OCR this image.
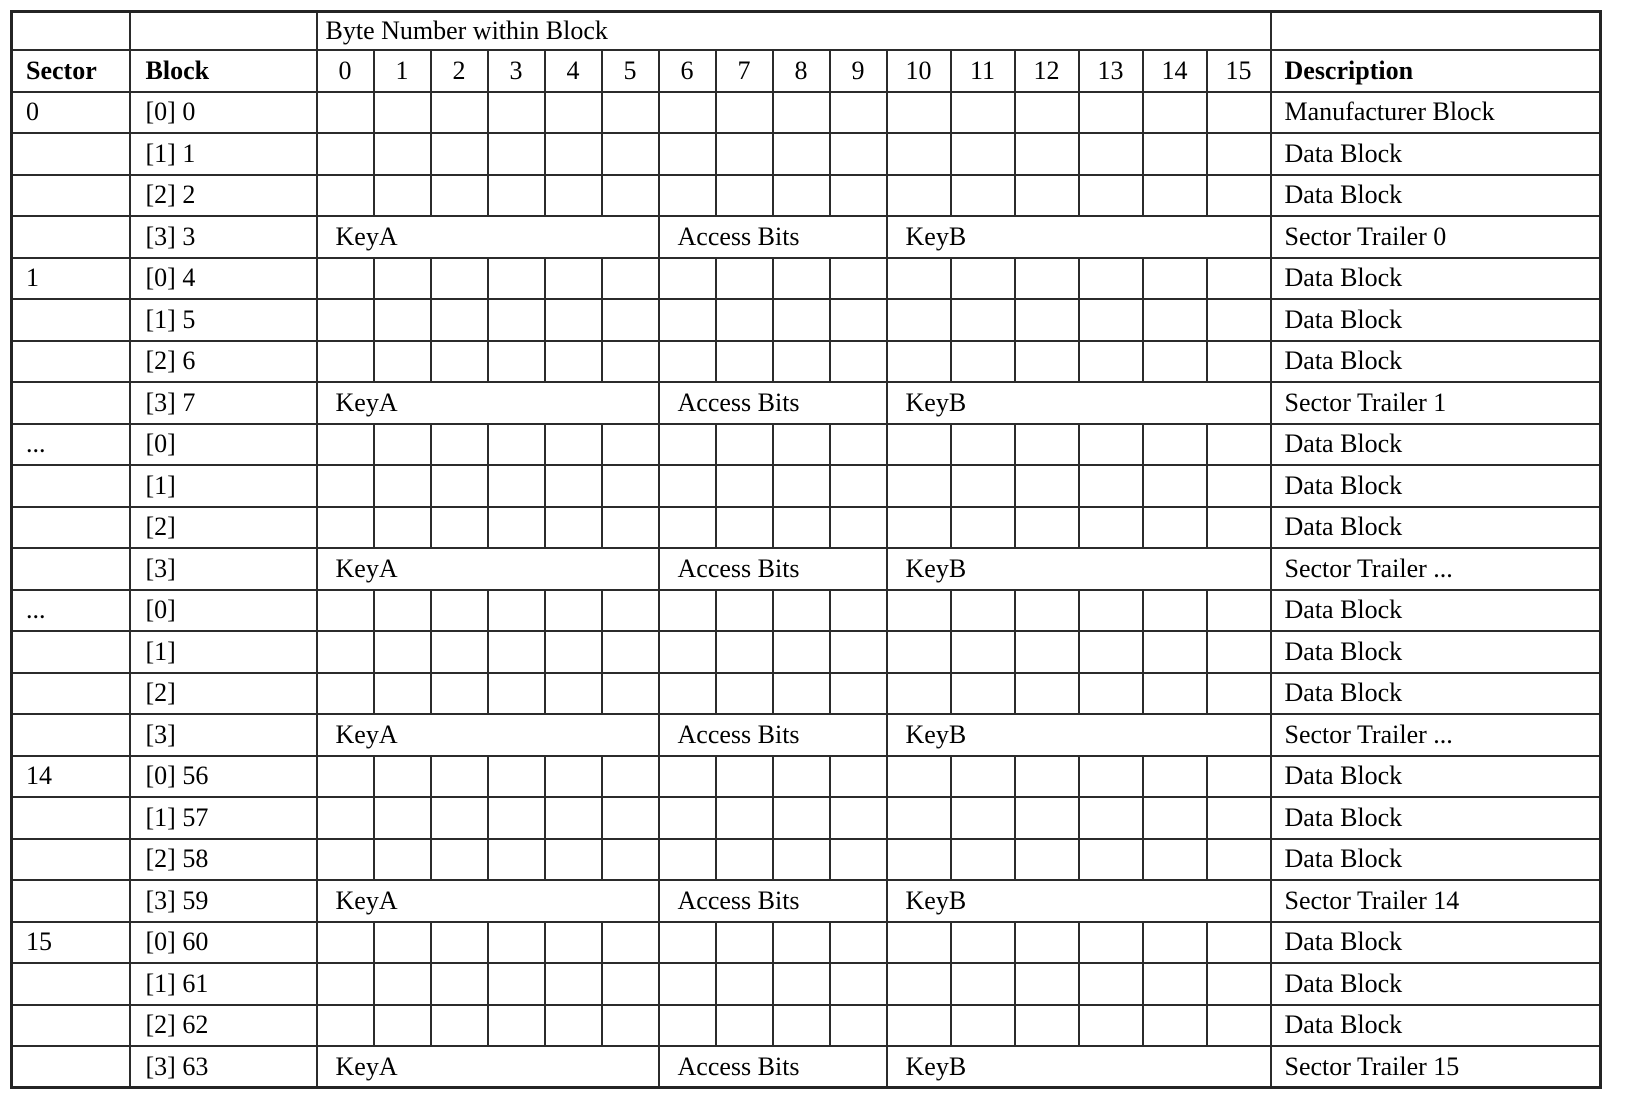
		Byte Number within Block																
Sector	Block	0	1	2	3	4	5	6	7	8	9	10	11	12	13	14	15	Description
0	[0] 0																	Manufacturer Block
	[1] 1																	Data Block
	[2] 2																	Data Block
	[3] 3	KeyA						Access Bits				KeyB						Sector Trailer 0
1	[0] 4																	Data Block
	[1] 5																	Data Block
	[2] 6																	Data Block
	[3] 7	KeyA						Access Bits				KeyB						Sector Trailer 1
...	[0]																	Data Block
	[1]																	Data Block
	[2]																	Data Block
	[3]	KeyA						Access Bits				KeyB						Sector Trailer ...
...	[0]																	Data Block
	[1]																	Data Block
	[2]																	Data Block
	[3]	KeyA						Access Bits				KeyB						Sector Trailer ...
14	[0] 56																	Data Block
	[1] 57																	Data Block
	[2] 58																	Data Block
	[3] 59	KeyA						Access Bits				KeyB						Sector Trailer 14
15	[0] 60																	Data Block
	[1] 61																	Data Block
	[2] 62																	Data Block
	[3] 63	KeyA						Access Bits				KeyB						Sector Trailer 15
